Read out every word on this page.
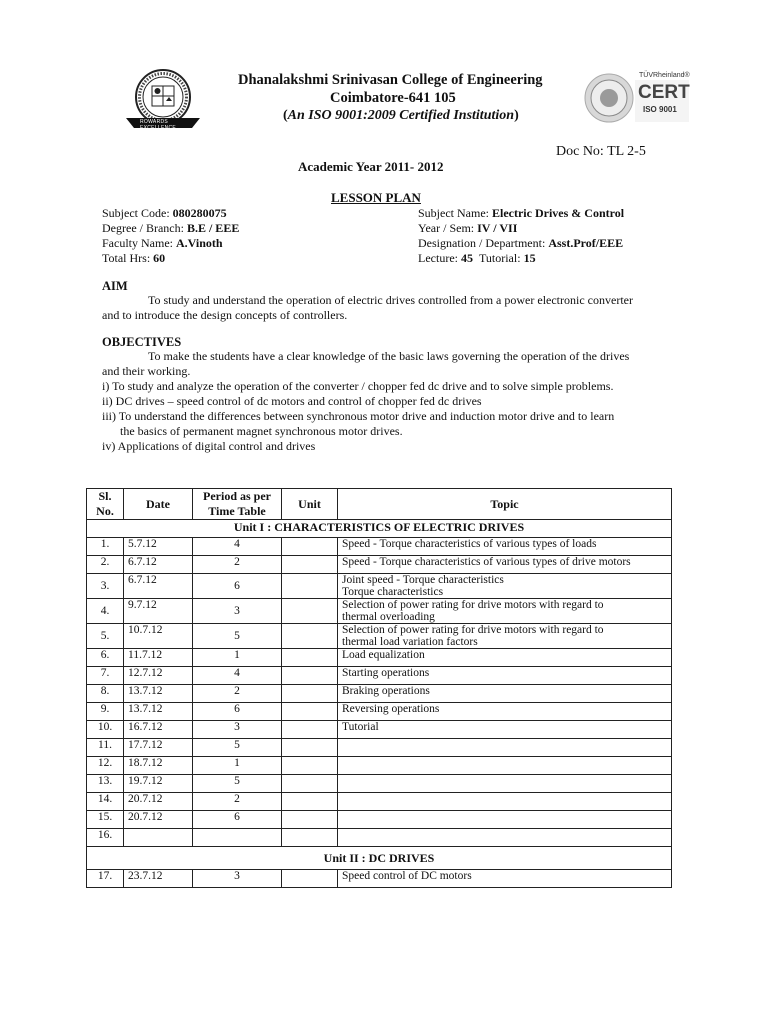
ROWARDS EXCELLENCE
TÜVRheinland®
CERT
ISO 9001
Dhanalakshmi Srinivasan College of Engineering
Coimbatore-641 105
(An ISO 9001:2009 Certified Institution)
Doc No: TL 2-5
Academic Year 2011- 2012
LESSON PLAN
Subject Code: 080280075
Degree / Branch: B.E / EEE
Faculty Name: A.Vinoth
Total Hrs: 60
Subject Name: Electric Drives & Control
Year / Sem: IV / VII
Designation / Department: Asst.Prof/EEE
Lecture: 45 Tutorial: 15
AIM
To study and understand the operation of electric drives controlled from a power electronic converter
and to introduce the design concepts of controllers.
OBJECTIVES
To make the students have a clear knowledge of the basic laws governing the operation of the drives
and their working.
i) To study and analyze the operation of the converter / chopper fed dc drive and to solve simple problems.
ii) DC drives – speed control of dc motors and control of chopper fed dc drives
iii) To understand the differences between synchronous motor drive and induction motor drive and to learn
the basics of permanent magnet synchronous motor drives.
iv) Applications of digital control and drives
Sl. No.	Date	Period as per Time Table	Unit	Topic
Unit I : CHARACTERISTICS OF ELECTRIC DRIVES				
1.	5.7.12	4		Speed - Torque characteristics of various types of loads

2.	6.7.12	2		Speed - Torque characteristics of various types of drive motors

3.	6.7.12	6		Joint speed - Torque characteristics
Torque characteristics

4.	9.7.12	3		Selection of power rating for drive motors with regard to
thermal overloading

5.	10.7.12	5		Selection of power rating for drive motors with regard to
thermal load variation factors

6.	11.7.12	1		Load equalization

7.	12.7.12	4		Starting operations

8.	13.7.12	2		Braking operations

9.	13.7.12	6		Reversing operations

10.	16.7.12	3		Tutorial

11.	17.7.12	5		

12.	18.7.12	1		

13.	19.7.12	5		

14.	20.7.12	2		

15.	20.7.12	6		

16.				

Unit II : DC DRIVES				
17.	23.7.12	3		Speed control of DC motors
